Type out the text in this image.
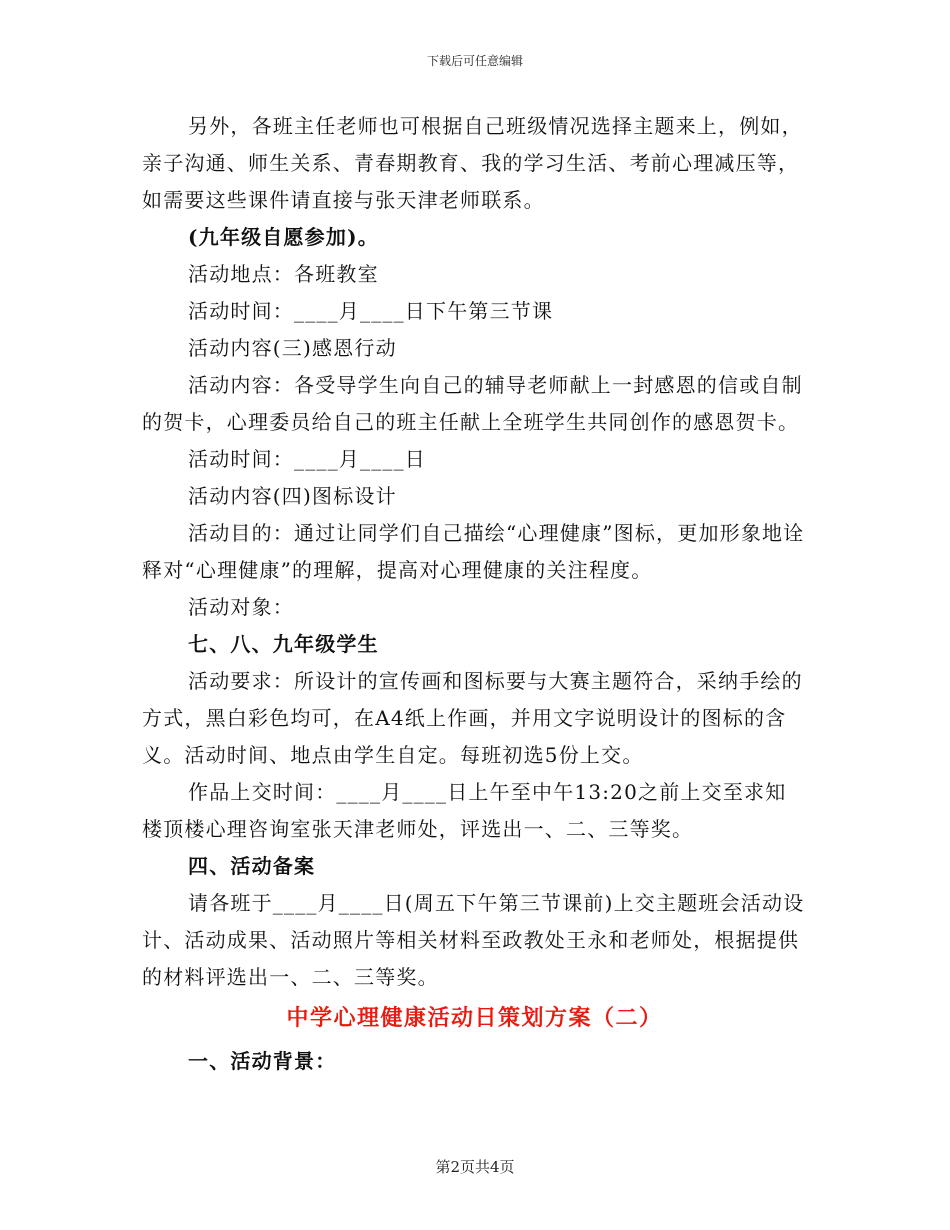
下载后可任意编辑

另外，各班主任老师也可根据自己班级情况选择主题来上，例如，亲子沟通、师生关系、青春期教育、我的学习生活、考前心理减压等，如需要这些课件请直接与张天津老师联系。

(九年级自愿参加)。

活动地点：各班教室

活动时间：____月____日下午第三节课

活动内容(三)感恩行动

活动内容：各受导学生向自己的辅导老师献上一封感恩的信或自制的贺卡，心理委员给自己的班主任献上全班学生共同创作的感恩贺卡。

活动时间：____月____日

活动内容(四)图标设计

活动目的：通过让同学们自己描绘“心理健康”图标，更加形象地诠释对“心理健康”的理解，提高对心理健康的关注程度。

活动对象：

七、八、九年级学生

活动要求：所设计的宣传画和图标要与大赛主题符合，采纳手绘的方式，黑白彩色均可，在A4纸上作画，并用文字说明设计的图标的含义。活动时间、地点由学生自定。每班初选5份上交。

作品上交时间：____月____日上午至中午13:20之前上交至求知楼顶楼心理咨询室张天津老师处，评选出一、二、三等奖。

四、活动备案

请各班于____月____日(周五下午第三节课前)上交主题班会活动设计、活动成果、活动照片等相关材料至政教处王永和老师处，根据提供的材料评选出一、二、三等奖。

中学心理健康活动日策划方案（二）

一、活动背景：

第2页共4页
